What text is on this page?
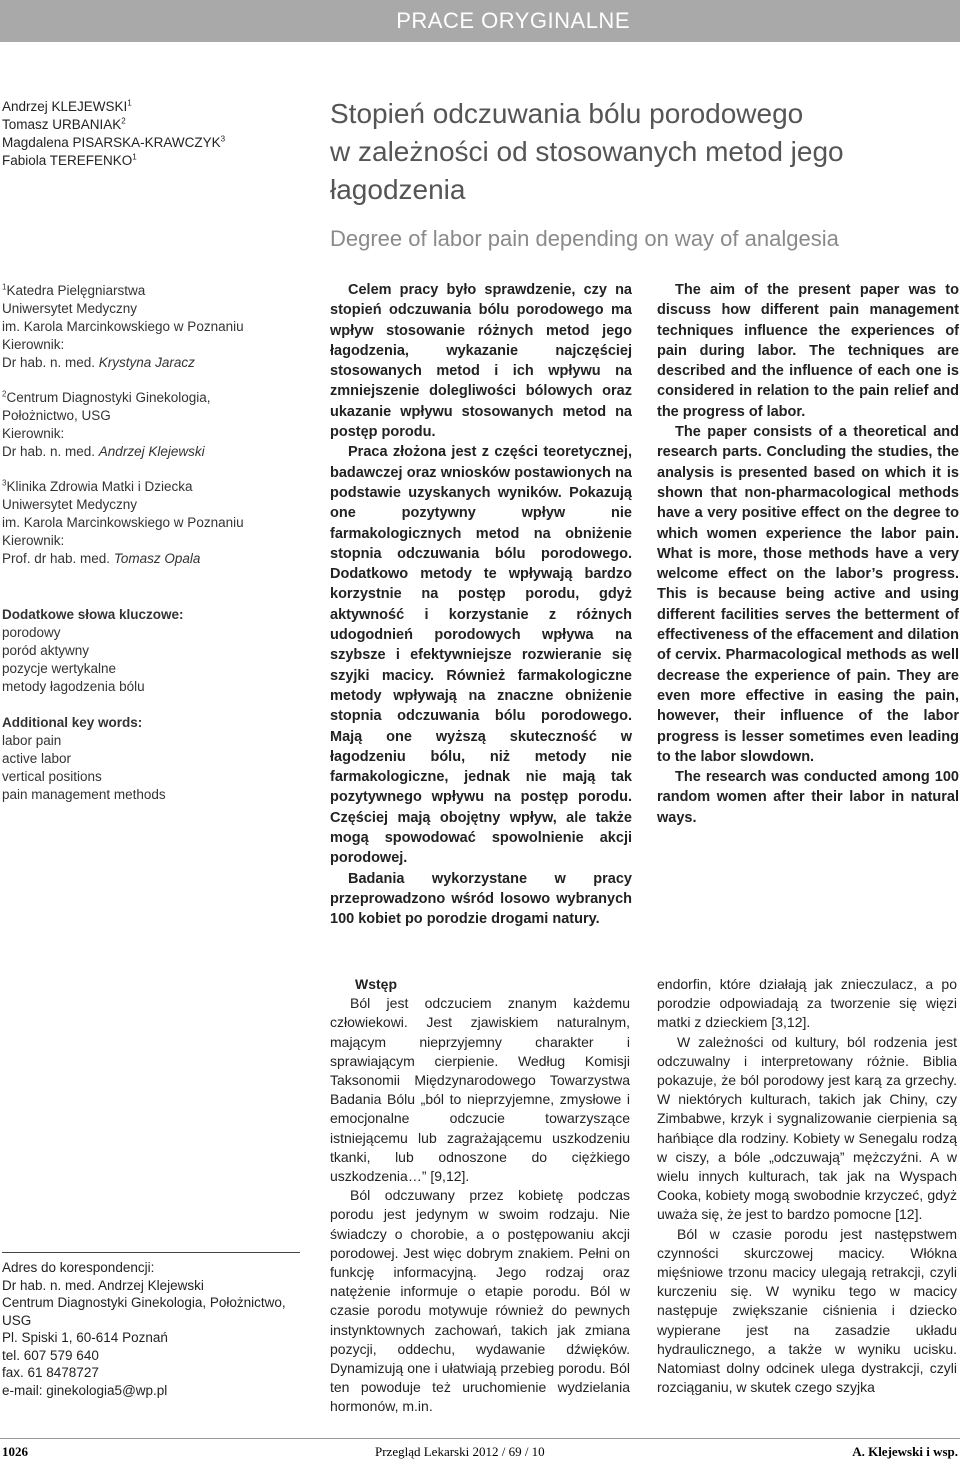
PRACE ORYGINALNE
Andrzej KLEJEWSKI$^1$
Tomasz URBANIAK$^2$
Magdalena PISARSKA-KRAWCZYK$^3$
Fabiola TEREFENKO$^1$
Stopień odczuwania bólu porodowego
w zależności od stosowanych metod jego
łagodzenia
Degree of labor pain depending on way of analgesia
$^1$Katedra Pielęgniarstwa
Uniwersytet Medyczny
im. Karola Marcinkowskiego w Poznaniu
Kierownik:
Dr hab. n. med. Krystyna Jaracz
$^2$Centrum Diagnostyki Ginekologia,
Położnictwo, USG
Kierownik:
Dr hab. n. med. Andrzej Klejewski
$^3$Klinika Zdrowia Matki i Dziecka
Uniwersytet Medyczny
im. Karola Marcinkowskiego w Poznaniu
Kierownik:
Prof. dr hab. med. Tomasz Opala
Dodatkowe słowa kluczowe:
porodowy
poród aktywny
pozycje wertykalne
metody łagodzenia bólu
Additional key words:
labor pain
active labor
vertical positions
pain management methods

Celem pracy było sprawdzenie, czy na stopień odczuwania bólu porodowego ma wpływ stosowanie różnych metod jego łagodzenia, wykazanie najczęściej stosowanych metod i ich wpływu na zmniejszenie dolegliwości bólowych oraz ukazanie wpływu stosowanych metod na postęp porodu.

Praca złożona jest z części teoretycznej, badawczej oraz wniosków postawionych na podstawie uzyskanych wyników. Pokazują one pozytywny wpływ nie farmakologicznych metod na obniżenie stopnia odczuwania bólu porodowego. Dodatkowo metody te wpływają bardzo korzystnie na postęp porodu, gdyż aktywność i korzystanie z różnych udogodnień porodowych wpływa na szybsze i efektywniejsze rozwieranie się szyjki macicy. Również farmakologiczne metody wpływają na znaczne obniżenie stopnia odczuwania bólu porodowego. Mają one wyższą skuteczność w łagodzeniu bólu, niż metody nie farmakologiczne, jednak nie mają tak pozytywnego wpływu na postęp porodu. Częściej mają obojętny wpływ, ale także mogą spowodować spowolnienie akcji porodowej.

Badania wykorzystane w pracy przeprowadzono wśród losowo wybranych 100 kobiet po porodzie drogami natury.

The aim of the present paper was to discuss how different pain management techniques influence the experiences of pain during labor. The techniques are described and the influence of each one is considered in relation to the pain relief and the progress of labor.

The paper consists of a theoretical and research parts. Concluding the studies, the analysis is presented based on which it is shown that non-pharmacological methods have a very positive effect on the degree to which women experience the labor pain. What is more, those methods have a very welcome effect on the labor’s progress. This is because being active and using different facilities serves the betterment of effectiveness of the effacement and dilation of cervix. Pharmacological methods as well decrease the experience of pain. They are even more effective in easing the pain, however, their influence of the labor progress is lesser sometimes even leading to the labor slowdown.

The research was conducted among 100 random women after their labor in natural ways.

Wstęp

Ból jest odczuciem znanym każdemu człowiekowi. Jest zjawiskiem naturalnym, mającym nieprzyjemny charakter i sprawiającym cierpienie. Według Komisji Taksonomii Międzynarodowego Towarzystwa Badania Bólu „ból to nieprzyjemne, zmysłowe i emocjonalne odczucie towarzyszące istniejącemu lub zagrażającemu uszkodzeniu tkanki, lub odnoszone do ciężkiego uszkodzenia…” [9,12].

Ból odczuwany przez kobietę podczas porodu jest jedynym w swoim rodzaju. Nie świadczy o chorobie, a o postępowaniu akcji porodowej. Jest więc dobrym znakiem. Pełni on funkcję informacyjną. Jego rodzaj oraz natężenie informuje o etapie porodu. Ból w czasie porodu motywuje również do pewnych instynktownych zachowań, takich jak zmiana pozycji, oddechu, wydawanie dźwięków. Dynamizują one i ułatwiają przebieg porodu. Ból ten powoduje też uruchomienie wydzielania hormonów, m.in.

endorfin, które działają jak znieczulacz, a po porodzie odpowiadają za tworzenie się więzi matki z dzieckiem [3,12].

W zależności od kultury, ból rodzenia jest odczuwalny i interpretowany różnie. Biblia pokazuje, że ból porodowy jest karą za grzechy. W niektórych kulturach, takich jak Chiny, czy Zimbabwe, krzyk i sygnalizowanie cierpienia są hańbiące dla rodziny. Kobiety w Senegalu rodzą w ciszy, a bóle „odczuwają” mężczyźni. A w wielu innych kulturach, tak jak na Wyspach Cooka, kobiety mogą swobodnie krzyczeć, gdyż uważa się, że jest to bardzo pomocne [12].

Ból w czasie porodu jest następstwem czynności skurczowej macicy. Włókna mięśniowe trzonu macicy ulegają retrakcji, czyli kurczeniu się. W wyniku tego w macicy następuje zwiększanie ciśnienia i dziecko wypierane jest na zasadzie układu hydraulicznego, a także w wyniku ucisku. Natomiast dolny odcinek ulega dystrakcji, czyli rozciąganiu, w skutek czego szyjka

Adres do korespondencji:
Dr hab. n. med. Andrzej Klejewski
Centrum Diagnostyki Ginekologia, Położnictwo,
USG
Pl. Spiski 1, 60-614 Poznań
tel. 607 579 640
fax. 61 8478727
e-mail: ginekologia5@wp.pl
1026	Przegląd Lekarski 2012 / 69 / 10	A. Klejewski i wsp.
